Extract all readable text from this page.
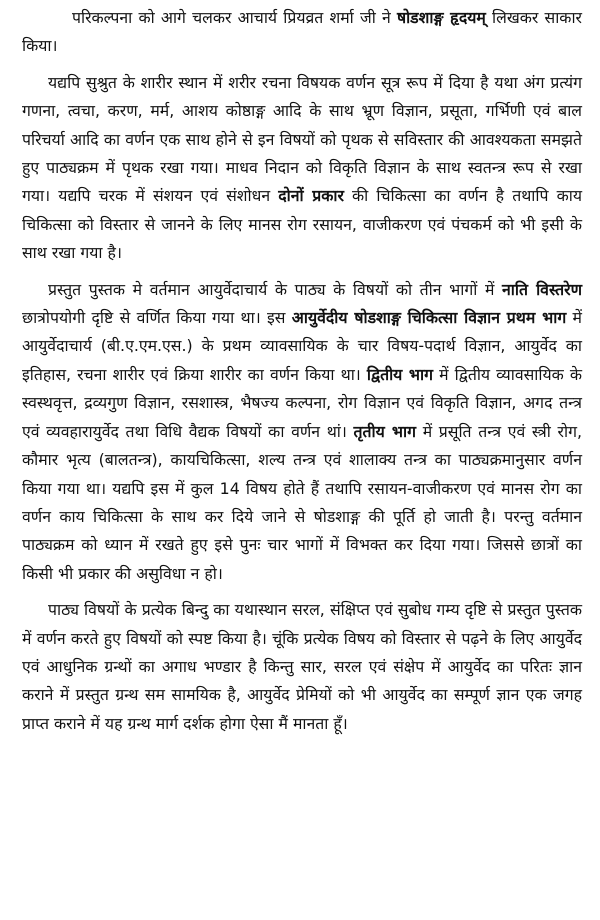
परिकल्पना को आगे चलकर आचार्य प्रियव्रत शर्मा जी ने षोडशाङ्ग हृदयम् लिखकर साकार किया।

यद्यपि सुश्रुत के शारीर स्थान में शरीर रचना विषयक वर्णन सूत्र रूप में दिया है यथा अंग प्रत्यंग गणना, त्वचा, करण, मर्म, आशय कोष्ठाङ्ग आदि के साथ भ्रूण विज्ञान, प्रसूता, गर्भिणी एवं बाल परिचर्या आदि का वर्णन एक साथ होने से इन विषयों को पृथक से सविस्तार की आवश्यकता समझते हुए पाठ्यक्रम में पृथक रखा गया। माधव निदान को विकृति विज्ञान के साथ स्वतन्त्र रूप से रखा गया। यद्यपि चरक में संशयन एवं संशोधन दोनों प्रकार की चिकित्सा का वर्णन है तथापि काय चिकित्सा को विस्तार से जानने के लिए मानस रोग रसायन, वाजीकरण एवं पंचकर्म को भी इसी के साथ रखा गया है।

प्रस्तुत पुस्तक मे वर्तमान आयुर्वेदाचार्य के पाठ्य के विषयों को तीन भागों में नाति विस्तरेण छात्रोपयोगी दृष्टि से वर्णित किया गया था। इस आयुर्वेदीय षोडशाङ्ग चिकित्सा विज्ञान प्रथम भाग में आयुर्वेदाचार्य (बी.ए.एम.एस.) के प्रथम व्यावसायिक के चार विषय-पदार्थ विज्ञान, आयुर्वेद का इतिहास, रचना शारीर एवं क्रिया शारीर का वर्णन किया था। द्वितीय भाग में द्वितीय व्यावसायिक के स्वस्थवृत्त, द्रव्यगुण विज्ञान, रसशास्त्र, भैषज्य कल्पना, रोग विज्ञान एवं विकृति विज्ञान, अगद तन्त्र एवं व्यवहारायुर्वेद तथा विधि वैद्यक विषयों का वर्णन थां। तृतीय भाग में प्रसूति तन्त्र एवं स्त्री रोग, कौमार भृत्य (बालतन्त्र), कायचिकित्सा, शल्य तन्त्र एवं शालाक्य तन्त्र का पाठ्यक्रमानुसार वर्णन किया गया था। यद्यपि इस में कुल 14 विषय होते हैं तथापि रसायन-वाजीकरण एवं मानस रोग का वर्णन काय चिकित्सा के साथ कर दिये जाने से षोडशाङ्ग की पूर्ति हो जाती है। परन्तु वर्तमान पाठ्यक्रम को ध्यान में रखते हुए इसे पुनः चार भागों में विभक्त कर दिया गया। जिससे छात्रों का किसी भी प्रकार की असुविधा न हो।

पाठ्य विषयों के प्रत्येक बिन्दु का यथास्थान सरल, संक्षिप्त एवं सुबोध गम्य दृष्टि से प्रस्तुत पुस्तक में वर्णन करते हुए विषयों को स्पष्ट किया है। चूंकि प्रत्येक विषय को विस्तार से पढ़ने के लिए आयुर्वेद एवं आधुनिक ग्रन्थों का अगाध भण्डार है किन्तु सार, सरल एवं संक्षेप में आयुर्वेद का परितः ज्ञान कराने में प्रस्तुत ग्रन्थ सम सामयिक है, आयुर्वेद प्रेमियों को भी आयुर्वेद का सम्पूर्ण ज्ञान एक जगह प्राप्त कराने में यह ग्रन्थ मार्ग दर्शक होगा ऐसा मैं मानता हूँ।
